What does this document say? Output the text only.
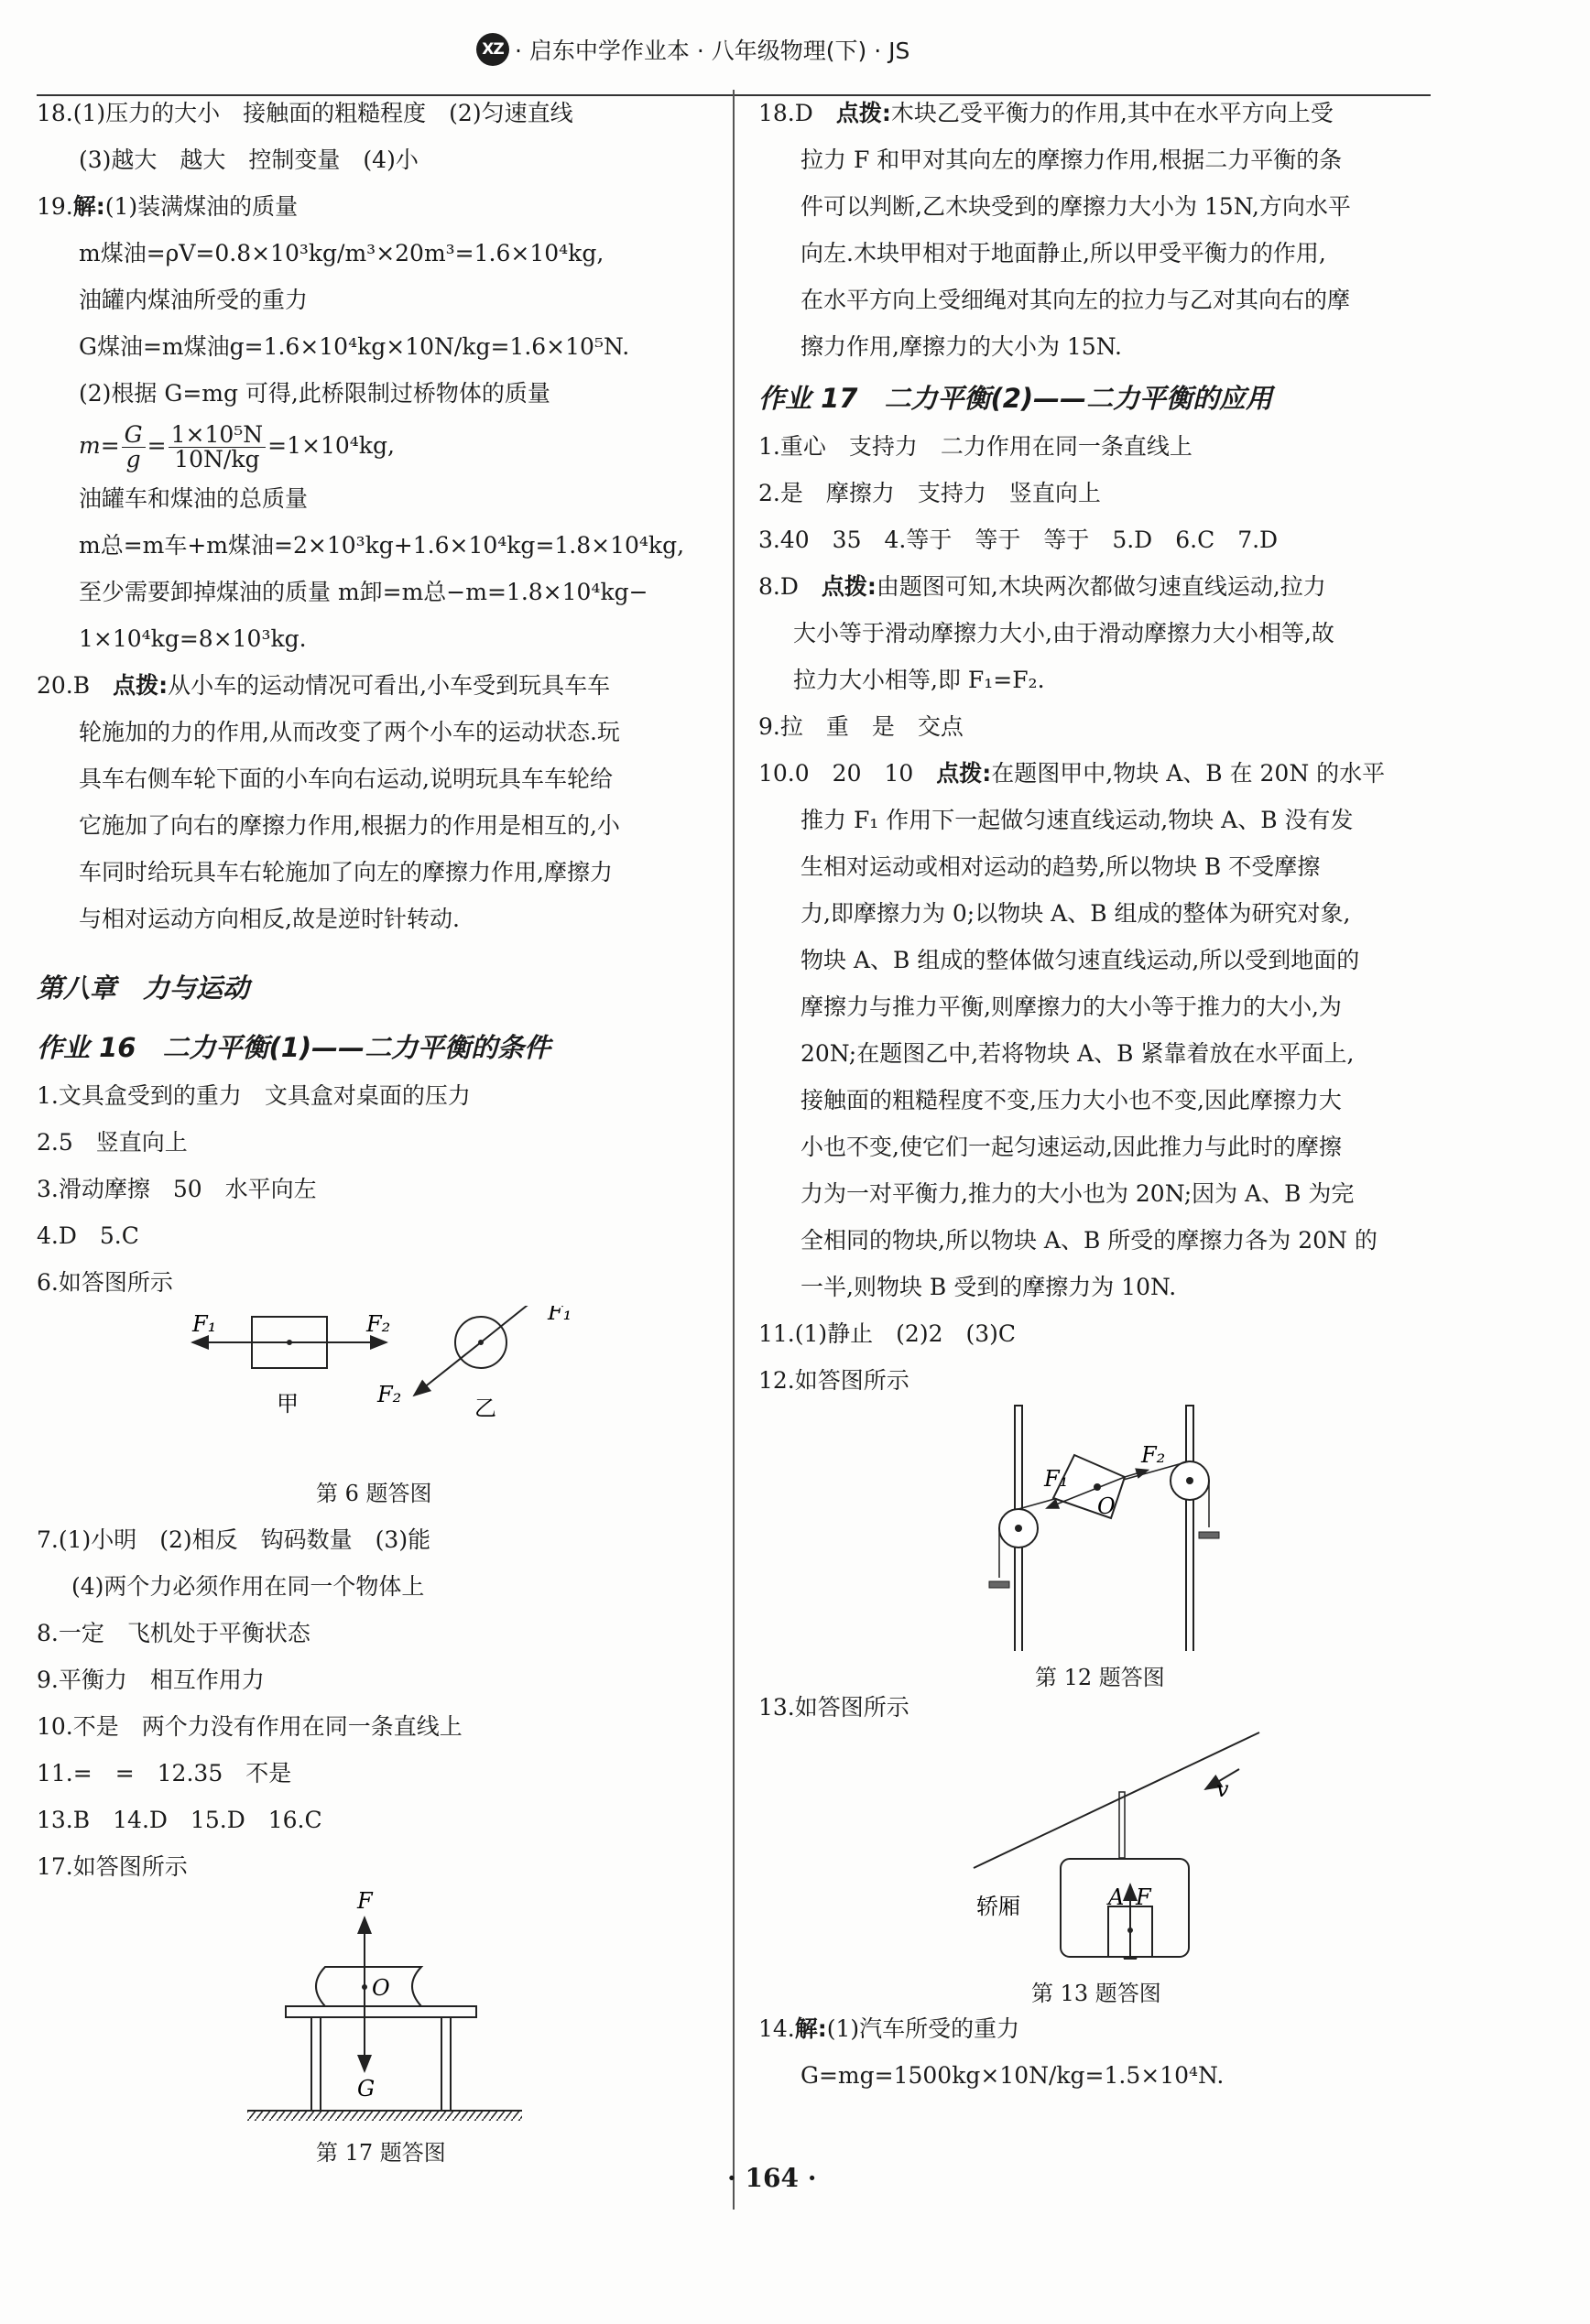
XZ · 启东中学作业本 · 八年级物理(下) · JS
18.(1)压力的大小　接触面的粗糙程度　(2)匀速直线
(3)越大　越大　控制变量　(4)小
19.解:(1)装满煤油的质量
m煤油=ρV=0.8×10³kg/m³×20m³=1.6×10⁴kg,
油罐内煤油所受的重力
G煤油=m煤油g=1.6×10⁴kg×10N/kg=1.6×10⁵N.
(2)根据 G=mg 可得,此桥限制过桥物体的质量
$m= \frac{G}{g} = \frac{\text{1×10⁵N}}{10N/kg} =1\times 10^4kg$,
油罐车和煤油的总质量
m总=m车+m煤油=2×10³kg+1.6×10⁴kg=1.8×10⁴kg,
至少需要卸掉煤油的质量 m卸=m总−m=1.8×10⁴kg−
1×10⁴kg=8×10³kg.
20.B　点拨:从小车的运动情况可看出,小车受到玩具车车
轮施加的力的作用,从而改变了两个小车的运动状态.玩
具车右侧车轮下面的小车向右运动,说明玩具车车轮给
它施加了向右的摩擦力作用,根据力的作用是相互的,小
车同时给玩具车右轮施加了向左的摩擦力作用,摩擦力
与相对运动方向相反,故是逆时针转动.
第八章　力与运动
作业 16　二力平衡(1)——二力平衡的条件
1.文具盒受到的重力　文具盒对桌面的压力
2.5　竖直向上
3.滑动摩擦　50　水平向左
4.D　5.C
6.如答图所示
F₁	F₂
甲
F₁
F₂
乙
第 6 题答图
7.(1)小明　(2)相反　钩码数量　(3)能
(4)两个力必须作用在同一个物体上
8.一定　飞机处于平衡状态
9.平衡力　相互作用力
10.不是　两个力没有作用在同一条直线上
11.=　=　12.35　不是
13.B　14.D　15.D　16.C
17.如答图所示
F
O
G
第 17 题答图
18.D　点拨:木块乙受平衡力的作用,其中在水平方向上受
拉力 F 和甲对其向左的摩擦力作用,根据二力平衡的条
件可以判断,乙木块受到的摩擦力大小为 15N,方向水平
向左.木块甲相对于地面静止,所以甲受平衡力的作用,
在水平方向上受细绳对其向左的拉力与乙对其向右的摩
擦力作用,摩擦力的大小为 15N.
作业 17　二力平衡(2)——二力平衡的应用
1.重心　支持力　二力作用在同一条直线上
2.是　摩擦力　支持力　竖直向上
3.40　35　4.等于　等于　等于　5.D　6.C　7.D
8.D　点拨:由题图可知,木块两次都做匀速直线运动,拉力
大小等于滑动摩擦力大小,由于滑动摩擦力大小相等,故
拉力大小相等,即 F₁=F₂.
9.拉　重　是　交点
10.0　20　10　点拨:在题图甲中,物块 A、B 在 20N 的水平
推力 F₁ 作用下一起做匀速直线运动,物块 A、B 没有发
生相对运动或相对运动的趋势,所以物块 B 不受摩擦
力,即摩擦力为 0;以物块 A、B 组成的整体为研究对象,
物块 A、B 组成的整体做匀速直线运动,所以受到地面的
摩擦力与推力平衡,则摩擦力的大小等于推力的大小,为
20N;在题图乙中,若将物块 A、B 紧靠着放在水平面上,
接触面的粗糙程度不变,压力大小也不变,因此摩擦力大
小也不变,使它们一起匀速运动,因此推力与此时的摩擦
力为一对平衡力,推力的大小也为 20N;因为 A、B 为完
全相同的物块,所以物块 A、B 所受的摩擦力各为 20N 的
一半,则物块 B 受到的摩擦力为 10N.
11.(1)静止　(2)2　(3)C
12.如答图所示
F₁
F₂
O
第 12 题答图
13.如答图所示
v
轿厢	A F
第 13 题答图
14.解:(1)汽车所受的重力
G=mg=1500kg×10N/kg=1.5×10⁴N.
· 164 ·
